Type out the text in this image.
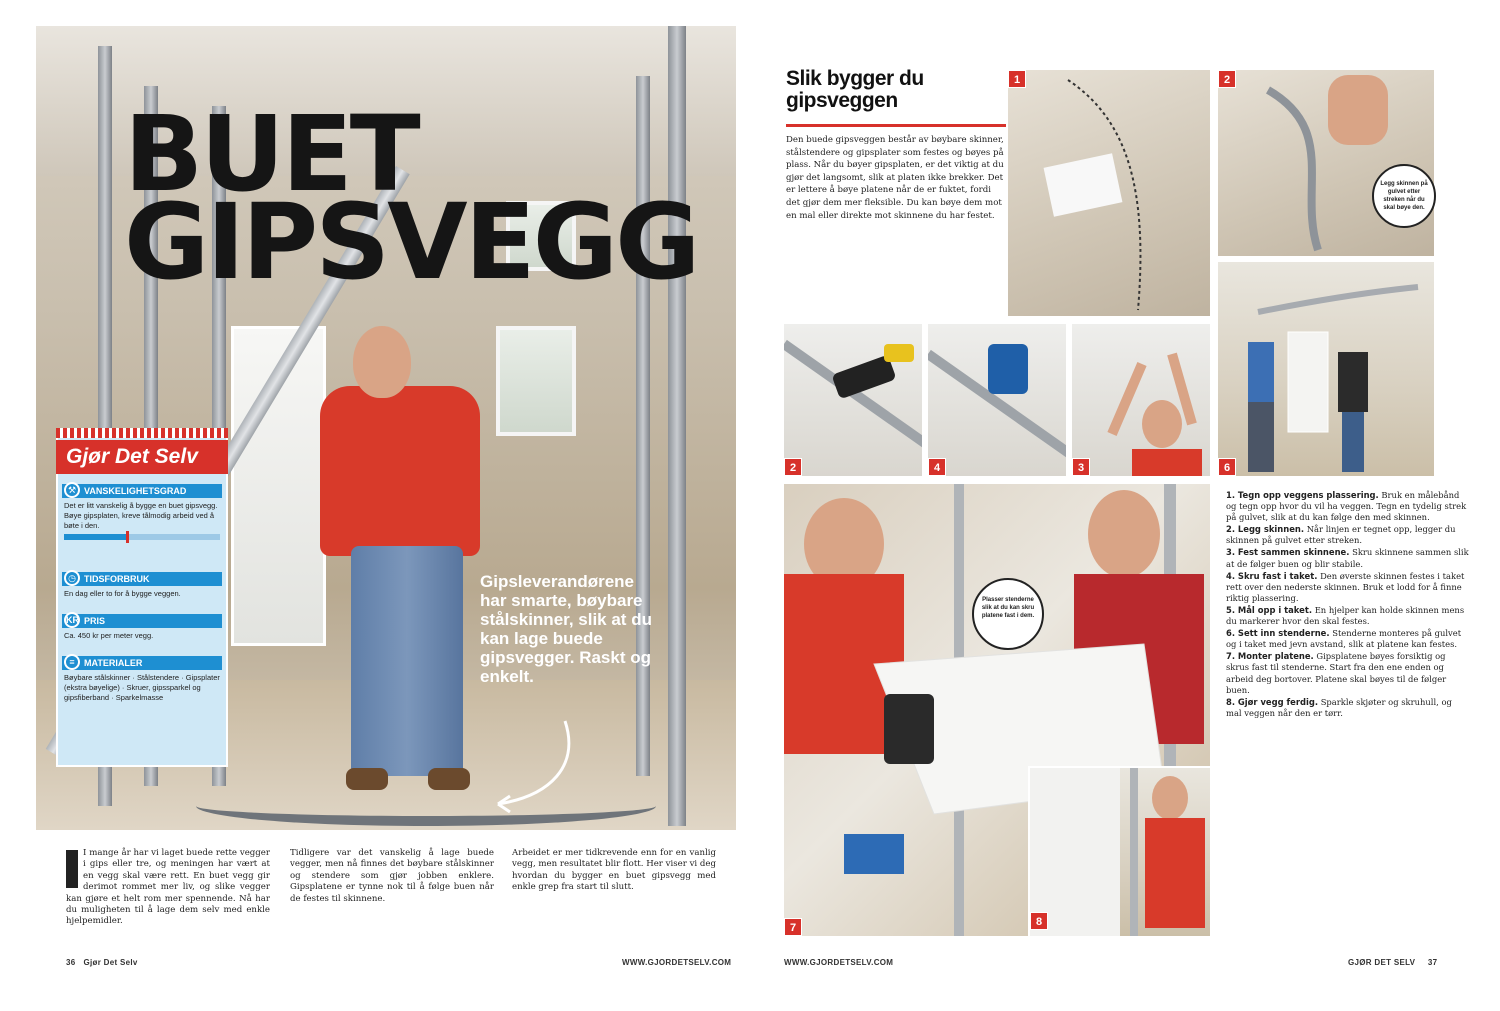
BUET
GIPSVEGG
Gipsleverandørene har smarte, bøybare stålskinner, slik at du kan lage buede gipsvegger. Raskt og enkelt.
Gjør Det Selv
⚒ VANSKELIGHETSGRAD
Det er litt vanskelig å bygge en buet gipsvegg. Bøye gipsplaten, kreve tålmodig arbeid ved å bøte i den.
◷ TIDSFORBRUK
En dag eller to for å bygge veggen.
KR PRIS
Ca. 450 kr per meter vegg.
≡	MATERIALER
Bøybare stålskinner · Stålstendere · Gipsplater (ekstra bøyelige) · Skruer, gipssparkel og gipsfiberband · Sparkelmasse
I mange år har vi laget buede rette vegger i gips eller tre, og meningen har vært at en vegg skal være rett. En buet vegg gir derimot rommet mer liv, og slike vegger kan gjøre et helt rom mer spennende. Nå har du muligheten til å lage dem selv med enkle hjelpemidler.
Tidligere var det vanskelig å lage buede vegger, men nå finnes det bøybare stålskinner og stendere som gjør jobben enklere. Gipsplatene er tynne nok til å følge buen når de festes til skinnene.
Arbeidet er mer tidkrevende enn for en vanlig vegg, men resultatet blir flott. Her viser vi deg hvordan du bygger en buet gipsvegg med enkle grep fra start til slutt.
36 Gjør Det Selv	WWW.GJORDETSELV.COM
Slik bygger du gipsveggen
Den buede gipsveggen består av bøybare skinner, stålstendere og gipsplater som festes og bøyes på plass. Når du bøyer gipsplaten, er det viktig at du gjør det langsomt, slik at platen ikke brekker. Det er lettere å bøye platene når de er fuktet, fordi det gjør dem mer fleksible. Du kan bøye dem mot en mal eller direkte mot skinnene du har festet.
1	2
Legg skinnen på gulvet etter streken når du skal bøye den.
6
2	4	3
7
Plasser stenderne slik at du kan skru platene fast i dem.
8

1. Tegn opp veggens plassering. Bruk en målebånd og tegn opp hvor du vil ha veggen. Tegn en tydelig strek på gulvet, slik at du kan følge den med skinnen.

2. Legg skinnen. Når linjen er tegnet opp, legger du skinnen på gulvet etter streken.

3. Fest sammen skinnene. Skru skinnene sammen slik at de følger buen og blir stabile.

4. Skru fast i taket. Den øverste skinnen festes i taket rett over den nederste skinnen. Bruk et lodd for å finne riktig plassering.

5. Mål opp i taket. En hjelper kan holde skinnen mens du markerer hvor den skal festes.

6. Sett inn stenderne. Stenderne monteres på gulvet og i taket med jevn avstand, slik at platene kan festes.

7. Monter platene. Gipsplatene bøyes forsiktig og skrus fast til stenderne. Start fra den ene enden og arbeid deg bortover. Platene skal bøyes til de følger buen.

8. Gjør vegg ferdig. Sparkle skjøter og skruhull, og mal veggen når den er tørr.

WWW.GJORDETSELV.COM	GJØR DET SELV 37
